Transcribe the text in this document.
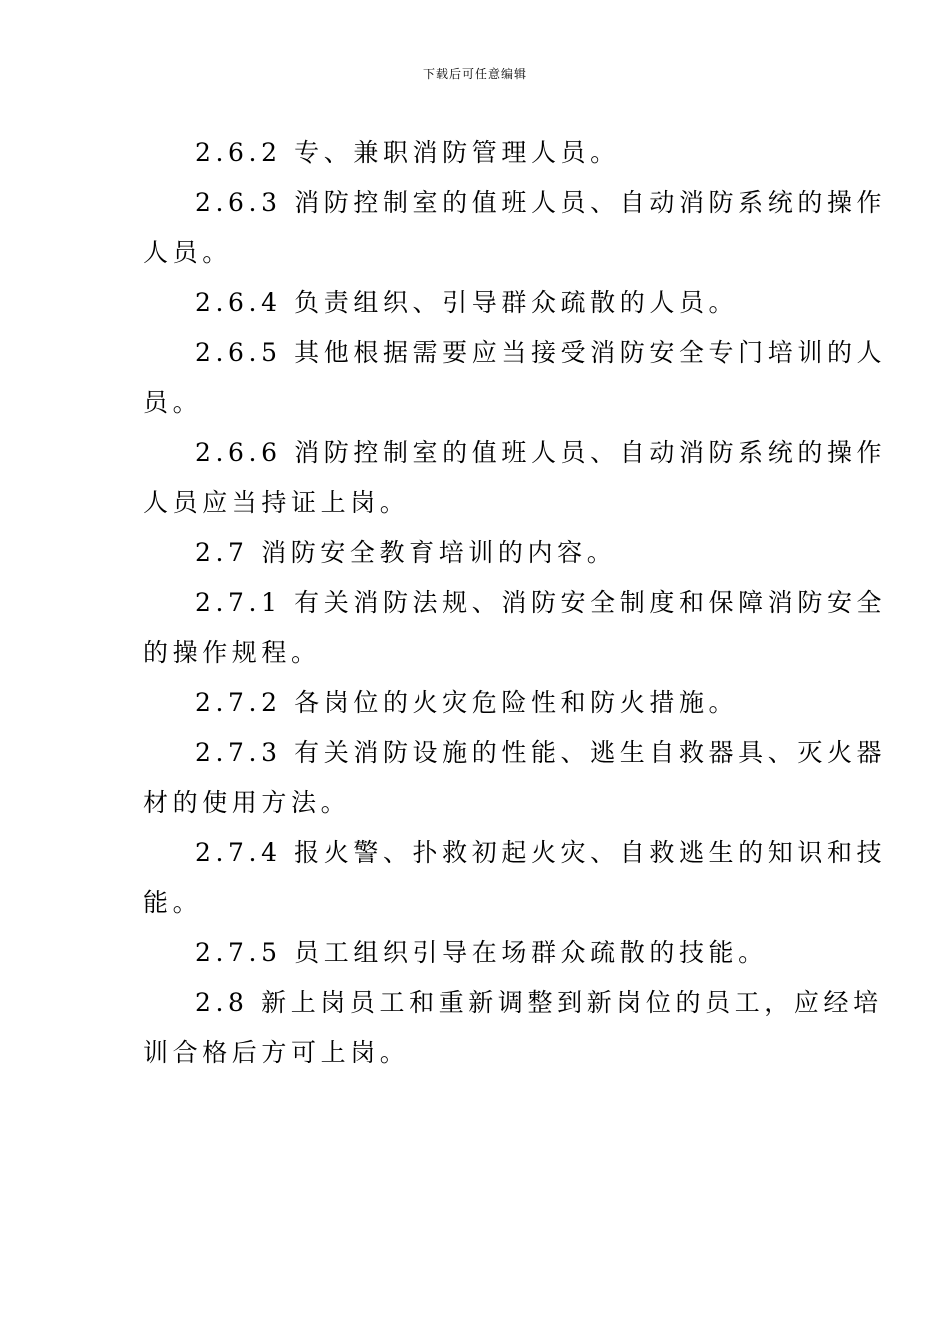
下载后可任意编辑

2.6.2 专、兼职消防管理人员。

2.6.3 消防控制室的值班人员、自动消防系统的操作
人员。

2.6.4 负责组织、引导群众疏散的人员。

2.6.5 其他根据需要应当接受消防安全专门培训的人
员。

2.6.6 消防控制室的值班人员、自动消防系统的操作
人员应当持证上岗。

2.7 消防安全教育培训的内容。

2.7.1 有关消防法规、消防安全制度和保障消防安全
的操作规程。

2.7.2 各岗位的火灾危险性和防火措施。

2.7.3 有关消防设施的性能、逃生自救器具、灭火器
材的使用方法。

2.7.4 报火警、扑救初起火灾、自救逃生的知识和技
能。

2.7.5 员工组织引导在场群众疏散的技能。

2.8 新上岗员工和重新调整到新岗位的员工，应经培
训合格后方可上岗。
